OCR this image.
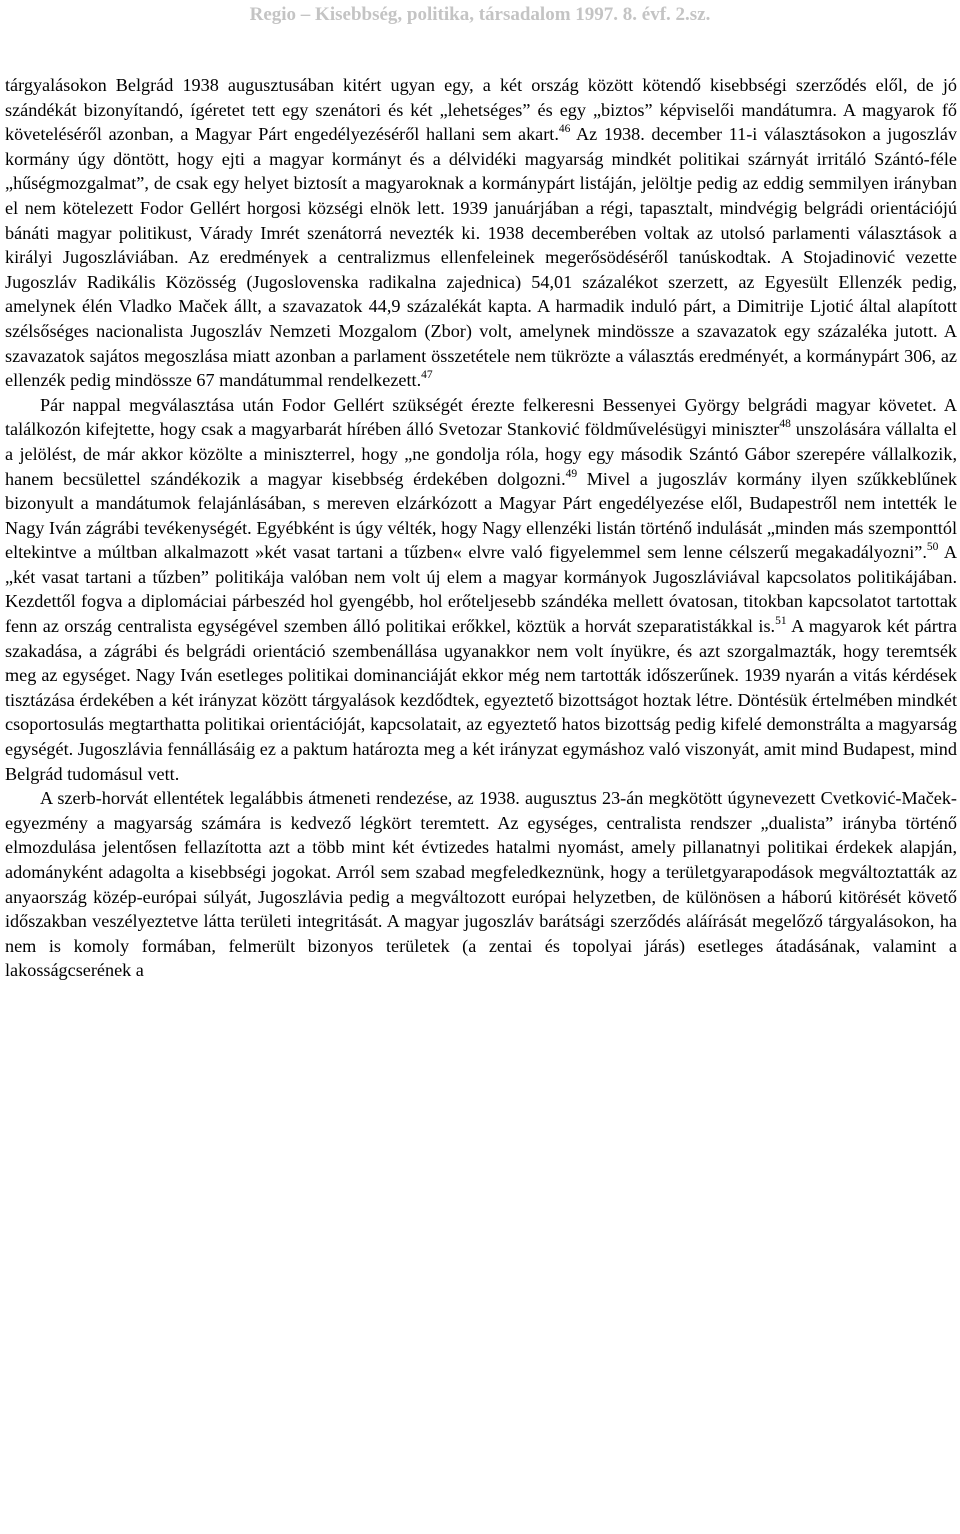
Regio – Kisebbség, politika, társadalom 1997. 8. évf. 2.sz.

tárgyalásokon Belgrád 1938 augusztusában kitért ugyan egy, a két ország között kötendő kisebbségi szerződés elől, de jó szándékát bizonyítandó, ígéretet tett egy szenátori és két „lehetséges” és egy „biztos” képviselői mandátumra. A magyarok fő követeléséről azonban, a Magyar Párt engedélyezéséről hallani sem akart.$^{46}$ Az 1938. december 11-i választásokon a jugoszláv kormány úgy döntött, hogy ejti a magyar kormányt és a délvidéki magyarság mindkét politikai szárnyát irritáló Szántó-féle „hűségmozgalmat”, de csak egy helyet biztosít a magyaroknak a kormánypárt listáján, jelöltje pedig az eddig semmilyen irányban el nem kötelezett Fodor Gellért horgosi községi elnök lett. 1939 januárjában a régi, tapasztalt, mindvégig belgrádi orientációjú bánáti magyar politikust, Várady Imrét szenátorrá nevezték ki. 1938 decemberében voltak az utolsó parlamenti választások a királyi Jugoszláviában. Az eredmények a centralizmus ellenfeleinek megerősödéséről tanúskodtak. A Stojadinović vezette Jugoszláv Radikális Közösség (Jugoslovenska radikalna zajednica) 54,01 százalékot szerzett, az Egyesült Ellenzék pedig, amelynek élén Vladko Maček állt, a szavazatok 44,9 százalékát kapta. A harmadik induló párt, a Dimitrije Ljotić által alapított szélsőséges nacionalista Jugoszláv Nemzeti Mozgalom (Zbor) volt, amelynek mindössze a szavazatok egy százaléka jutott. A szavazatok sajátos megoszlása miatt azonban a parlament összetétele nem tükrözte a választás eredményét, a kormánypárt 306, az ellenzék pedig mindössze 67 mandátummal rendelkezett.$^{47}$

Pár nappal megválasztása után Fodor Gellért szükségét érezte felkeresni Bessenyei György belgrádi magyar követet. A találkozón kifejtette, hogy csak a magyarbarát hírében álló Svetozar Stanković földművelésügyi miniszter$^{48}$ unszolására vállalta el a jelölést, de már akkor közölte a miniszterrel, hogy „ne gondolja róla, hogy egy második Szántó Gábor szerepére vállalkozik, hanem becsülettel szándékozik a magyar kisebbség érdekében dolgozni.$^{49}$ Mivel a jugoszláv kormány ilyen szűkkeblűnek bizonyult a mandátumok felajánlásában, s mereven elzárkózott a Magyar Párt engedélyezése elől, Budapestről nem intették le Nagy Iván zágrábi tevékenységét. Egyébként is úgy vélték, hogy Nagy ellenzéki listán történő indulását „minden más szemponttól eltekintve a múltban alkalmazott »két vasat tartani a tűzben« elvre való figyelemmel sem lenne célszerű megakadályozni”.$^{50}$ A „két vasat tartani a tűzben” politikája valóban nem volt új elem a magyar kormányok Jugoszláviával kapcsolatos politikájában. Kezdettől fogva a diplomáciai párbeszéd hol gyengébb, hol erőteljesebb szándéka mellett óvatosan, titokban kapcsolatot tartottak fenn az ország centralista egységével szemben álló politikai erőkkel, köztük a horvát szeparatistákkal is.$^{51}$ A magyarok két pártra szakadása, a zágrábi és belgrádi orientáció szembenállása ugyanakkor nem volt ínyükre, és azt szorgalmazták, hogy teremtsék meg az egységet. Nagy Iván esetleges politikai dominanciáját ekkor még nem tartották időszerűnek. 1939 nyarán a vitás kérdések tisztázása érdekében a két irányzat között tárgyalások kezdődtek, egyeztető bizottságot hoztak létre. Döntésük értelmében mindkét csoportosulás megtarthatta politikai orientációját, kapcsolatait, az egyeztető hatos bizottság pedig kifelé demonstrálta a magyarság egységét. Jugoszlávia fennállásáig ez a paktum határozta meg a két irányzat egymáshoz való viszonyát, amit mind Budapest, mind Belgrád tudomásul vett.

A szerb-horvát ellentétek legalábbis átmeneti rendezése, az 1938. augusztus 23-án megkötött úgynevezett Cvetković-Maček-egyezmény a magyarság számára is kedvező légkört teremtett. Az egységes, centralista rendszer „dualista” irányba történő elmozdulása jelentősen fellazította azt a több mint két évtizedes hatalmi nyomást, amely pillanatnyi politikai érdekek alapján, adományként adagolta a kisebbségi jogokat. Arról sem szabad megfeledkeznünk, hogy a területgyarapodások megváltoztatták az anyaország közép-európai súlyát, Jugoszlávia pedig a megváltozott európai helyzetben, de különösen a háború kitörését követő időszakban veszélyeztetve látta területi integritását. A magyar jugoszláv barátsági szerződés aláírását megelőző tárgyalásokon, ha nem is komoly formában, felmerült bizonyos területek (a zentai és topolyai járás) esetleges átadásának, valamint a lakosságcserének a
